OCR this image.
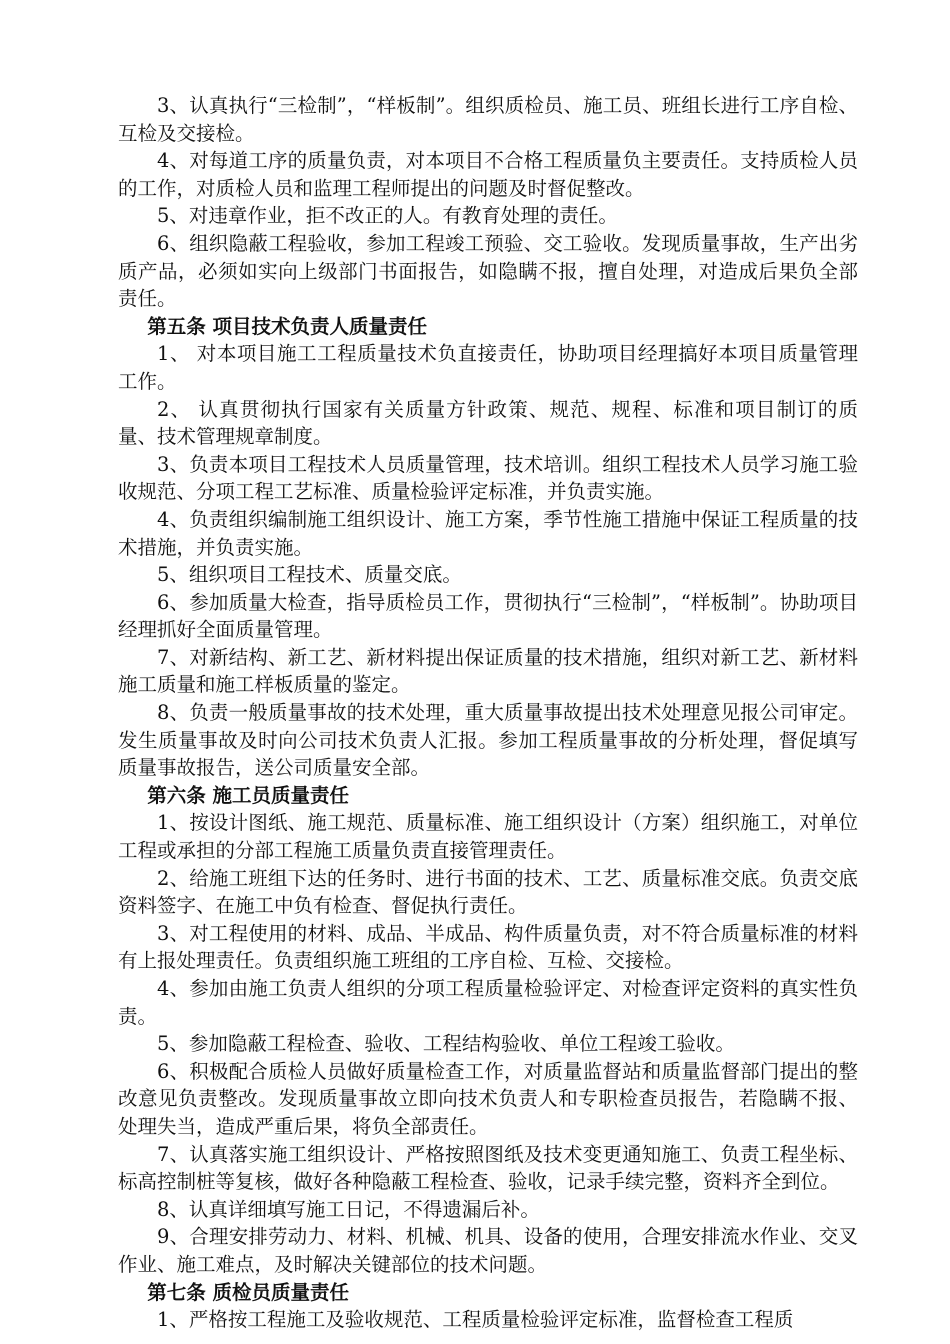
3、认真执行“三检制”，“样板制”。组织质检员、施工员、班组长进行工序自检、互检及交接检。

4、对每道工序的质量负责，对本项目不合格工程质量负主要责任。支持质检人员的工作，对质检人员和监理工程师提出的问题及时督促整改。

5、对违章作业，拒不改正的人。有教育处理的责任。

6、组织隐蔽工程验收，参加工程竣工预验、交工验收。发现质量事故，生产出劣质产品，必须如实向上级部门书面报告，如隐瞒不报，擅自处理，对造成后果负全部责任。

第五条 项目技术负责人质量责任

1、 对本项目施工工程质量技术负直接责任，协助项目经理搞好本项目质量管理工作。

2、 认真贯彻执行国家有关质量方针政策、规范、规程、标准和项目制订的质量、技术管理规章制度。

3、负责本项目工程技术人员质量管理，技术培训。组织工程技术人员学习施工验收规范、分项工程工艺标准、质量检验评定标准，并负责实施。

4、负责组织编制施工组织设计、施工方案，季节性施工措施中保证工程质量的技术措施，并负责实施。

5、组织项目工程技术、质量交底。

6、参加质量大检查，指导质检员工作，贯彻执行“三检制”，“样板制”。协助项目经理抓好全面质量管理。

7、对新结构、新工艺、新材料提出保证质量的技术措施，组织对新工艺、新材料施工质量和施工样板质量的鉴定。

8、负责一般质量事故的技术处理，重大质量事故提出技术处理意见报公司审定。发生质量事故及时向公司技术负责人汇报。参加工程质量事故的分析处理，督促填写质量事故报告，送公司质量安全部。

第六条 施工员质量责任

1、按设计图纸、施工规范、质量标准、施工组织设计（方案）组织施工，对单位工程或承担的分部工程施工质量负责直接管理责任。

2、给施工班组下达的任务时、进行书面的技术、工艺、质量标准交底。负责交底资料签字、在施工中负有检查、督促执行责任。

3、对工程使用的材料、成品、半成品、构件质量负责，对不符合质量标准的材料有上报处理责任。负责组织施工班组的工序自检、互检、交接检。

4、参加由施工负责人组织的分项工程质量检验评定、对检查评定资料的真实性负责。

5、参加隐蔽工程检查、验收、工程结构验收、单位工程竣工验收。

6、积极配合质检人员做好质量检查工作，对质量监督站和质量监督部门提出的整改意见负责整改。发现质量事故立即向技术负责人和专职检查员报告，若隐瞒不报、处理失当，造成严重后果，将负全部责任。

7、认真落实施工组织设计、严格按照图纸及技术变更通知施工、负责工程坐标、标高控制桩等复核，做好各种隐蔽工程检查、验收，记录手续完整，资料齐全到位。

8、认真详细填写施工日记，不得遗漏后补。

9、合理安排劳动力、材料、机械、机具、设备的使用，合理安排流水作业、交叉作业、施工难点，及时解决关键部位的技术问题。

第七条 质检员质量责任

1、严格按工程施工及验收规范、工程质量检验评定标准，监督检查工程质
